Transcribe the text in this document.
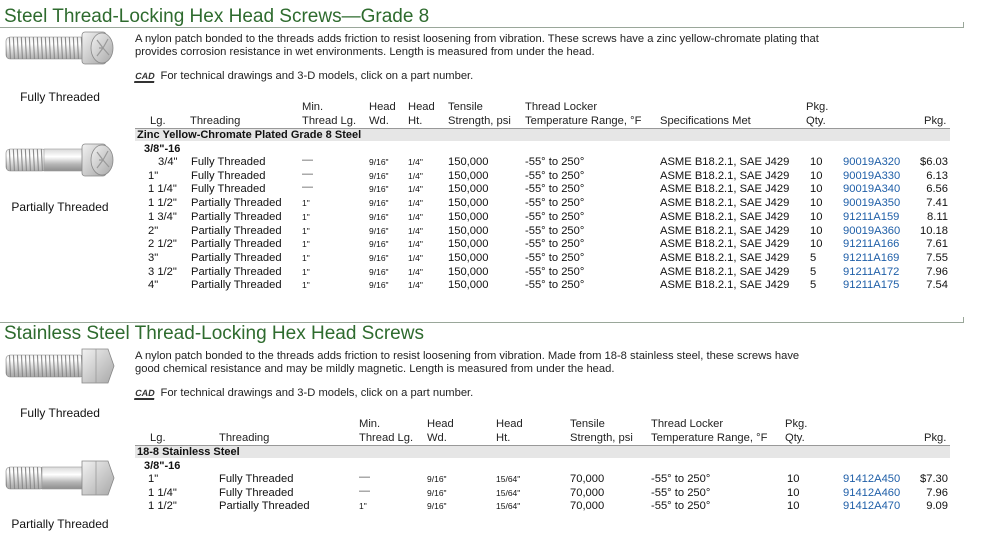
Steel Thread-Locking Hex Head Screws—Grade 8
Fully Threaded
Partially Threaded
A nylon patch bonded to the threads adds friction to resist loosening from vibration. These screws have a zinc yellow-chromate plating that provides corrosion resistance in wet environments. Length is measured from under the head.
CAD For technical drawings and 3-D models, click on a part number.
Lg. Threading
Min.
Thread Lg.
Head
Wd.
Head
Ht.
Tensile
Strength, psi
Thread Locker
Temperature Range, °F Specifications Met
Pkg.
Qty.	Pkg.
Zinc Yellow-Chromate Plated Grade 8 Steel
3/8"-16
3/4" Fully Threaded	—	9/16" 1/4" 150,000	-55° to 250°	ASME B18.2.1, SAE J429 10 90019A320 $6.03
1"	Fully Threaded	—	9/16" 1/4" 150,000	-55° to 250°	ASME B18.2.1, SAE J429 10 90019A330 6.13
1 1/4" Fully Threaded	—	9/16" 1/4" 150,000	-55° to 250°	ASME B18.2.1, SAE J429 10 90019A340 6.56
1 1/2" Partially Threaded 1"	9/16" 1/4" 150,000	-55° to 250°	ASME B18.2.1, SAE J429 10 90019A350 7.41
1 3/4" Partially Threaded 1"	9/16" 1/4" 150,000	-55° to 250°	ASME B18.2.1, SAE J429 10 91211A159 8.11
2"	Partially Threaded 1"	9/16" 1/4" 150,000	-55° to 250°	ASME B18.2.1, SAE J429 10 90019A360 10.18
2 1/2" Partially Threaded 1"	9/16" 1/4" 150,000	-55° to 250°	ASME B18.2.1, SAE J429 10 91211A166 7.61
3"	Partially Threaded 1"	9/16" 1/4" 150,000	-55° to 250°	ASME B18.2.1, SAE J429 5 91211A169 7.55
3 1/2" Partially Threaded 1"	9/16" 1/4" 150,000	-55° to 250°	ASME B18.2.1, SAE J429 5 91211A172 7.96
4"	Partially Threaded 1"	9/16" 1/4" 150,000	-55° to 250°	ASME B18.2.1, SAE J429 5 91211A175 7.54
Stainless Steel Thread-Locking Hex Head Screws
Fully Threaded
Partially Threaded
A nylon patch bonded to the threads adds friction to resist loosening from vibration. Made from 18-8 stainless steel, these screws have good chemical resistance and may be mildly magnetic. Length is measured from under the head.
CAD For technical drawings and 3-D models, click on a part number.
Lg.	Threading
Min.
Thread Lg.
Head
Wd.
Head
Ht.
Tensile
Strength, psi
Thread Locker
Temperature Range, °F
Pkg.
Qty.	Pkg.
18-8 Stainless Steel
3/8"-16
1"	Fully Threaded	—	9/16"	15/64"	70,000	-55° to 250°	10	91412A450 $7.30
1 1/4"	Fully Threaded	—	9/16"	15/64"	70,000	-55° to 250°	10	91412A460 7.96
1 1/2"	Partially Threaded	1"	9/16"	15/64"	70,000	-55° to 250°	10	91412A470 9.09
